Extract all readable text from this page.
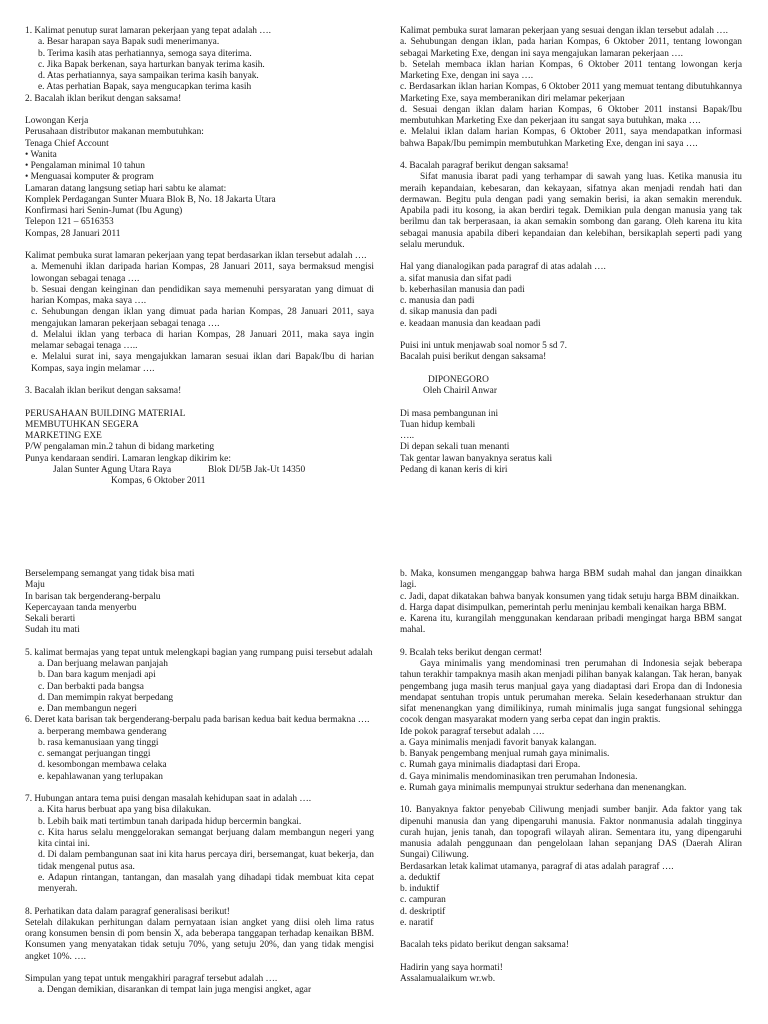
1. Kalimat penutup surat lamaran pekerjaan yang tepat adalah ….

a. Besar harapan saya Bapak sudi menerimanya.

b. Terima kasih atas perhatiannya, semoga saya diterima.

c. Jika Bapak berkenan, saya harturkan banyak terima kasih.

d. Atas perhatiannya, saya sampaikan terima kasih banyak.

e. Atas perhatian Bapak, saya mengucapkan terima kasih

2. Bacalah iklan berikut dengan saksama!

Lowongan Kerja

Perusahaan distributor makanan membutuhkan:

Tenaga Chief Account

• Wanita

• Pengalaman minimal 10 tahun

• Menguasai komputer & program

Lamaran datang langsung setiap hari sabtu ke alamat:

Komplek Perdagangan Sunter Muara Blok B, No. 18 Jakarta Utara

Konfirmasi hari Senin-Jumat (Ibu Agung)

Telepon 121 – 6516353

Kompas, 28 Januari 2011

Kalimat pembuka surat lamaran pekerjaan yang tepat berdasarkan iklan tersebut adalah ….

a. Memenuhi iklan daripada harian Kompas, 28 Januari 2011, saya bermaksud mengisi lowongan sebagai tenaga ….

b. Sesuai dengan keinginan dan pendidikan saya memenuhi persyaratan yang dimuat di harian Kompas, maka saya ….

c. Sehubungan dengan iklan yang dimuat pada harian Kompas, 28 Januari 2011, saya mengajukan lamaran pekerjaan sebagai tenaga ….

d. Melalui iklan yang terbaca di harian Kompas, 28 Januari 2011, maka saya ingin melamar sebagai tenaga …..

e. Melalui surat ini, saya mengajukkan lamaran sesuai iklan dari Bapak/Ibu di harian Kompas, saya ingin melamar ….

3. Bacalah iklan berikut dengan saksama!

PERUSAHAAN BUILDING MATERIAL

MEMBUTUHKAN SEGERA

MARKETING EXE

P/W pengalaman min.2 tahun di bidang marketing

Punya kendaraan sendiri. Lamaran lengkap dikirim ke:

Jalan Sunter Agung Utara Raya	Blok DI/5B Jak-Ut 14350

Kompas, 6 Oktober 2011

Kalimat pembuka surat lamaran pekerjaan yang sesuai dengan iklan tersebut adalah ….

a. Sehubungan dengan iklan, pada harian Kompas, 6 Oktober 2011, tentang lowongan sebagai Marketing Exe, dengan ini saya mengajukan lamaran pekerjaan ….

b. Setelah membaca iklan harian Kompas, 6 Oktober 2011 tentang lowongan kerja Marketing Exe, dengan ini saya ….

c. Berdasarkan iklan harian Kompas, 6 Oktober 2011 yang memuat tentang dibutuhkannya Marketing Exe, saya memberanikan diri melamar pekerjaan

d. Sesuai dengan iklan dalam harian Kompas, 6 Oktober 2011 instansi Bapak/Ibu membutuhkan Marketing Exe dan pekerjaan itu sangat saya butuhkan, maka ….

e. Melalui iklan dalam harian Kompas, 6 Oktober 2011, saya mendapatkan informasi bahwa Bapak/Ibu pemimpin membutuhkan Marketing Exe, dengan ini saya ….

4. Bacalah paragraf berikut dengan saksama!

Sifat manusia ibarat padi yang terhampar di sawah yang luas. Ketika manusia itu meraih kepandaian, kebesaran, dan kekayaan, sifatnya akan menjadi rendah hati dan dermawan. Begitu pula dengan padi yang semakin berisi, ia akan semakin merenduk. Apabila padi itu kosong, ia akan berdiri tegak. Demikian pula dengan manusia yang tak berilmu dan tak berperasaan, ia akan semakin sombong dan garang. Oleh karena itu kita sebagai manusia apabila diberi kepandaian dan kelebihan, bersikaplah seperti padi yang selalu merunduk.

Hal yang dianalogikan pada paragraf di atas adalah ….

a. sifat manusia dan sifat padi

b. keberhasilan manusia dan padi

c. manusia dan padi

d. sikap manusia dan padi

e. keadaan manusia dan keadaan padi

Puisi ini untuk menjawab soal nomor 5 sd 7.

Bacalah puisi berikut dengan saksama!

DIPONEGORO

Oleh Chairil Anwar

Di masa pembangunan ini

Tuan hidup kembali

…..

Di depan sekali tuan menanti

Tak gentar lawan banyaknya seratus kali

Pedang di kanan keris di kiri

Berselempang semangat yang tidak bisa mati

Maju

In barisan tak bergenderang-berpalu

Kepercayaan tanda menyerbu

Sekali berarti

Sudah itu mati

5. kalimat bermajas yang tepat untuk melengkapi bagian yang rumpang puisi tersebut adalah

a. Dan berjuang melawan panjajah

b. Dan bara kagum menjadi api

c. Dan berbakti pada bangsa

d. Dan memimpin rakyat berpedang

e. Dan membangun negeri

6. Deret kata barisan tak bergenderang-berpalu pada barisan kedua bait kedua bermakna ….

a. berperang membawa genderang

b. rasa kemanusiaan yang tinggi

c. semangat perjuangan tinggi

d. kesombongan membawa celaka

e. kepahlawanan yang terlupakan

7. Hubungan antara tema puisi dengan masalah kehidupan saat in adalah ….

a. Kita harus berbuat apa yang bisa dilakukan.

b. Lebih baik mati tertimbun tanah daripada hidup bercermin bangkai.

c. Kita harus selalu menggelorakan semangat berjuang dalam membangun negeri yang kita cintai ini.

d. Di dalam pembangunan saat ini kita harus percaya diri, bersemangat, kuat bekerja, dan tidak mengenal putus asa.

e. Adapun rintangan, tantangan, dan masalah yang dihadapi tidak membuat kita cepat menyerah.

8. Perhatikan data dalam paragraf generalisasi berikut!

Setelah dilakukan perhitungan dalam pernyataan isian angket yang diisi oleh lima ratus orang konsumen bensin di pom bensin X, ada beberapa tanggapan terhadap kenaikan BBM. Konsumen yang menyatakan tidak setuju 70%, yang setuju 20%, dan yang tidak mengisi angket 10%. ….

Simpulan yang tepat untuk mengakhiri paragraf tersebut adalah ….

a. Dengan demikian, disarankan di tempat lain juga mengisi angket, agar

b. Maka, konsumen menganggap bahwa harga BBM sudah mahal dan jangan dinaikkan lagi.

c. Jadi, dapat dikatakan bahwa banyak konsumen yang tidak setuju harga BBM dinaikkan.

d. Harga dapat disimpulkan, pemerintah perlu meninjau kembali kenaikan harga BBM.

e. Karena itu, kurangilah menggunakan kendaraan pribadi mengingat harga BBM sangat mahal.

9. Bcalah teks berikut dengan cermat!

Gaya minimalis yang mendominasi tren perumahan di Indonesia sejak beberapa tahun terakhir tampaknya masih akan menjadi pilihan banyak kalangan. Tak heran, banyak pengembang juga masih terus manjual gaya yang diadaptasi dari Eropa dan di Indonesia mendapat sentuhan tropis untuk perumahan mereka. Selain kesederhanaan struktur dan sifat menenangkan yang dimilikinya, rumah minimalis juga sangat fungsional sehingga cocok dengan masyarakat modern yang serba cepat dan ingin praktis.

Ide pokok paragraf tersebut adalah ….

a. Gaya minimalis menjadi favorit banyak kalangan.

b. Banyak pengembang menjual rumah gaya minimalis.

c. Rumah gaya minimalis diadaptasi dari Eropa.

d. Gaya minimalis mendominasikan tren perumahan Indonesia.

e. Rumah gaya minimalis mempunyai struktur sederhana dan menenangkan.

10. Banyaknya faktor penyebab Ciliwung menjadi sumber banjir. Ada faktor yang tak dipenuhi manusia dan yang dipengaruhi manusia. Faktor nonmanusia adalah tingginya curah hujan, jenis tanah, dan topografi wilayah aliran. Sementara itu, yang dipengaruhi manusia adalah penggunaan dan pengelolaan lahan sepanjang DAS (Daerah Aliran Sungai) Ciliwung.

Berdasarkan letak kalimat utamanya, paragraf di atas adalah paragraf ….

a. deduktif

b. induktif

c. campuran

d. deskriptif

e. naratif

Bacalah teks pidato berikut dengan saksama!

Hadirin yang saya hormati!

Assalamualaikum wr.wb.
